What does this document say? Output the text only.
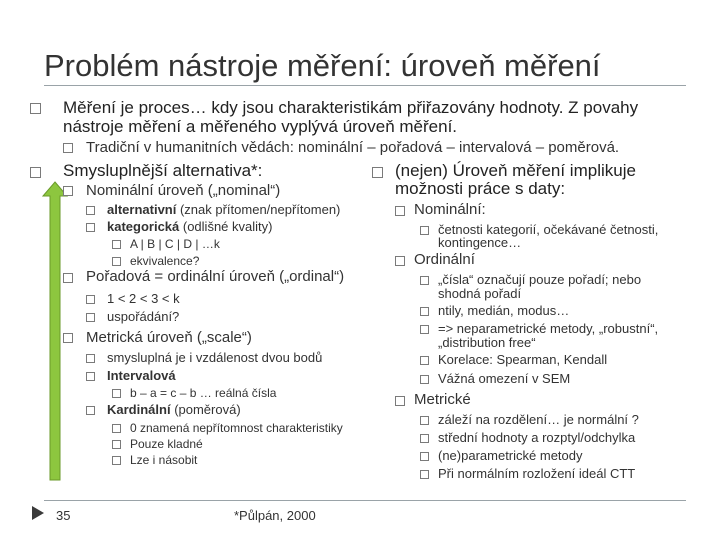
Problém nástroje měření: úroveň měření
Měření je proces… kdy jsou charakteristikám přiřazovány hodnoty. Z povahy
nástroje měření a měřeného vyplývá úroveň měření.
Tradiční v humanitních vědách: nominální – pořadová – intervalová – poměrová.
Smysluplnější alternativa*:
Nominální úroveň („nominal“)
alternativní (znak přítomen/nepřítomen)
kategorická (odlišné kvality)
A | B | C | D | …k
ekvivalence?
Pořadová = ordinální úroveň („ordinal“)
1 < 2 < 3 < k
uspořádání?
Metrická úroveň („scale“)
smysluplná je i vzdálenost dvou bodů
Intervalová
b – a = c – b … reálná čísla
Kardinální (poměrová)
0 znamená nepřítomnost charakteristiky
Pouze kladné
Lze i násobit
(nejen) Úroveň měření implikuje
možnosti práce s daty:
Nominální:
četnosti kategorií, očekávané četnosti,
kontingence…
Ordinální
„čísla“ označují pouze pořadí; nebo
shodná pořadí
ntily, medián, modus…
=> neparametrické metody, „robustní“,
„distribution free“
Korelace: Spearman, Kendall
Vážná omezení v SEM
Metrické
záleží na rozdělení… je normální ?
střední hodnoty a rozptyl/odchylka
(ne)parametrické metody
Při normálním rozložení ideál CTT
35	*Půlpán, 2000
